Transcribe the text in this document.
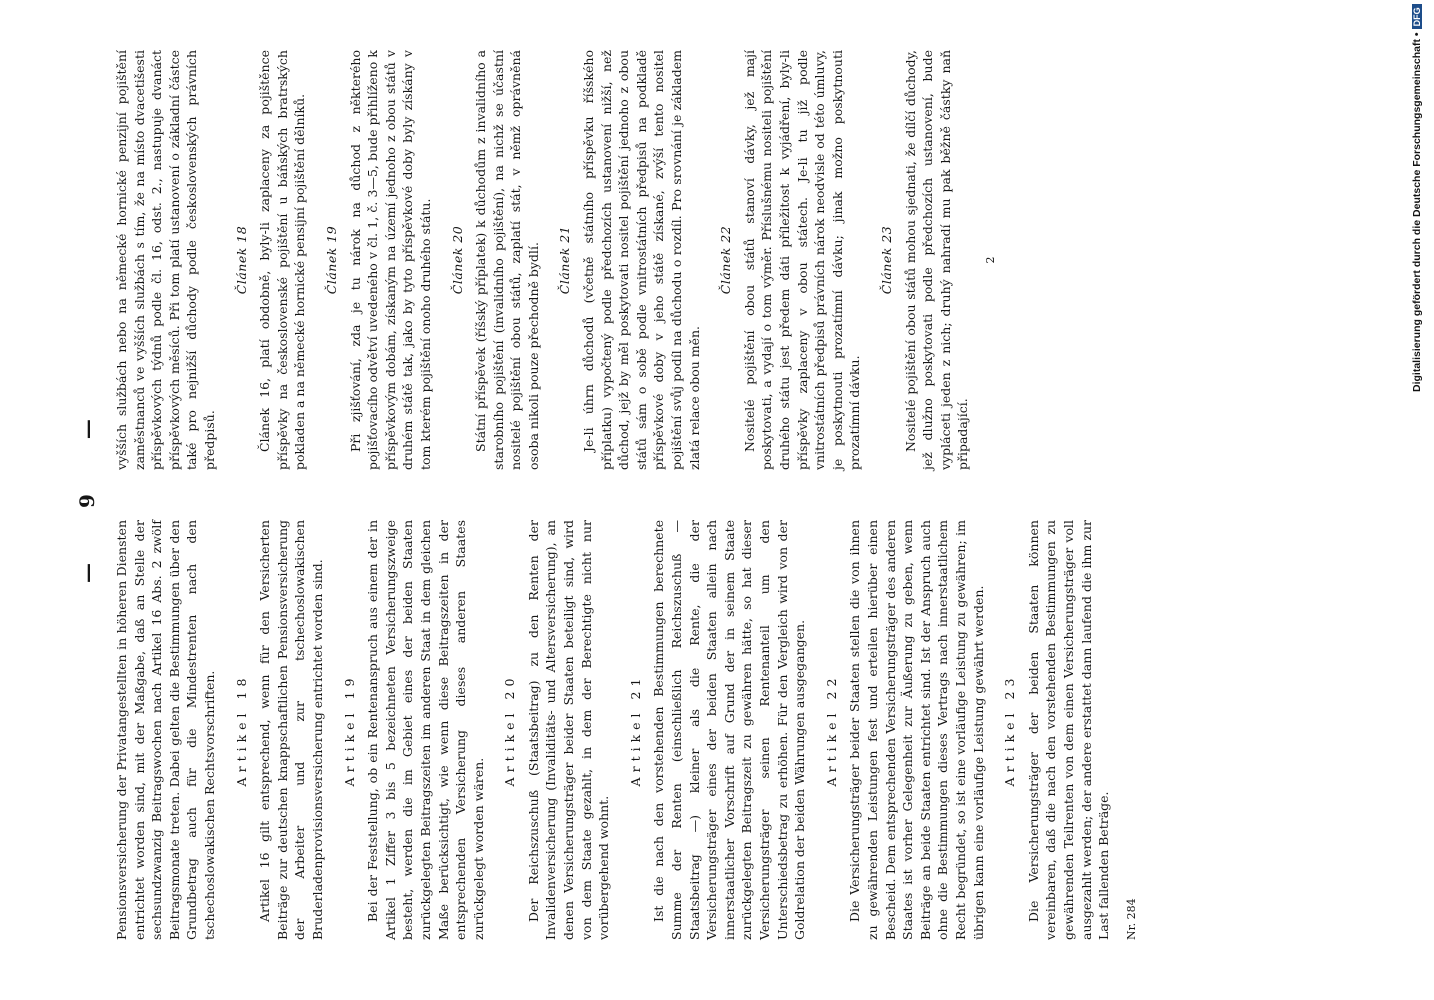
— 9 —

Pensionsversicherung der Privatangestellten in höheren Diensten entrichtet worden sind, mit der Maßgabe, daß an Stelle der sechsundzwanzig Beitragswochen nach Artikel 16 Abs. 2 zwölf Beitragsmonate treten. Dabei gelten die Bestimmungen über den Grundbetrag auch für die Mindestrenten nach den tschechoslowakischen Rechtsvorschriften. Artikel 18 Artikel 16 gilt entsprechend, wenn für den Versicherten Beiträge zur deutschen knappschaftlichen Pensionsversicherung der Arbeiter und zur tschechoslowakischen Bruderladenprovisionsversicherung entrichtet worden sind. Artikel 19 Bei der Feststellung, ob ein Rentenanspruch aus einem der in Artikel 1 Ziffer 3 bis 5 bezeichneten Versicherungszweige besteht, werden die im Gebiet eines der beiden Staaten zurückgelegten Beitragszeiten im anderen Staat in dem gleichen Maße berücksichtigt, wie wenn diese Beitragszeiten in der entsprechenden Versicherung dieses anderen Staates zurückgelegt worden wären.

Artikel 20 Der Reichszuschuß (Staatsbeitrag) zu den Renten der Invalidenversicherung (Invaliditäts- und Altersversicherung), an denen Versicherungsträger beider Staaten beteiligt sind, wird von dem Staate gezahlt, in dem der Berechtigte nicht nur vorübergehend wohnt.

Artikel 21 Ist die nach den vorstehenden Bestimmungen berechnete Summe der Renten (einschließlich Reichszuschuß — Staatsbeitrag —) kleiner als die Rente, die der Versicherungsträger eines der beiden Staaten allein nach innerstaatlicher Vorschrift auf Grund der in seinem Staate zurückgelegten Beitragszeit zu gewähren hätte, so hat dieser Versicherungsträger seinen Rentenanteil um den Unterschiedsbetrag zu erhöhen. Für den Vergleich wird von der Goldrelation der beiden Währungen ausgegangen. Artikel 22 Die Versicherungsträger beider Staaten stellen die von ihnen zu gewährenden Leistungen fest und erteilen hierüber einen Bescheid. Dem entsprechenden Versicherungsträger des anderen Staates ist vorher Gelegenheit zur Äußerung zu geben, wenn Beiträge an beide Staaten entrichtet sind. Ist der Anspruch auch ohne die Bestimmungen dieses Vertrags nach innerstaatlichem Recht begründet, so ist eine vorläufige Leistung zu gewähren; im übrigen kann eine vorläufige Leistung gewährt werden. Artikel 23 Die Versicherungsträger der beiden Staaten können vereinbaren, daß die nach den vorstehenden Bestimmungen zu gewährenden Teilrenten von dem einen Versicherungsträger voll ausgezahlt werden; der andere erstattet dann laufend die ihm zur Last fallenden Beträge. Nr. 284

vyšších službách nebo na německé hornické penzijní pojištění zaměstnanců ve vyšších službách s tím, že na místo dvacetišesti příspěvkových týdnů podle čl. 16, odst. 2., nastupuje dvanáct příspěvkových měsíců. Při tom platí ustanovení o základní částce také pro nejnižší důchody podle československých právních předpisů.

Článek 18 Článek 16, platí obdobně, byly-li zaplaceny za pojištěnce příspěvky na československé pojištění u báňských bratrských pokladen a na německé hornické pensijní pojištění dělníků. Článek 19 Při zjišťování, zda je tu nárok na důchod z některého pojišťovacího odvětví uvedeného v čl. 1, č. 3—5, bude přihlíženo k příspěvkovým dobám, získaným na území jednoho z obou států v druhém státě tak, jako by tyto příspěvkové doby byly získány v tom kterém pojištění onoho druhého státu. Článek 20 Státní příspěvek (říšský příplatek) k důchodům z invalidního a starobního pojištění (invalidního pojištění), na nichž se účastní nositelé pojištění obou států, zaplatí stát, v němž oprávněná osoba nikoli pouze přechodně bydlí. Článek 21 Je-li úhrn důchodů (včetně státního příspěvku říšského příplatku) vypočtený podle předchozích ustanovení nižší, než důchod, jejž by měl poskytovati nositel pojištění jednoho z obou států sám o sobě podle vnitrostátních předpisů na podkladě příspěvkové doby v jeho státě získané, zvýší tento nositel pojištění svůj podíl na důchodu o rozdíl. Pro srovnání je základem zlatá relace obou měn.

Článek 22 Nositelé pojištění obou států stanoví dávky, jež mají poskytovati, a vydají o tom výměr. Příslušnému nositeli pojištění druhého státu jest předem dáti příležitost k vyjádření, byly-li příspěvky zaplaceny v obou státech. Je-li tu již podle vnitrostátních předpisů právních nárok neodvisle od této úmluvy, je poskytnouti prozatímní dávku; jinak možno poskytnouti prozatímní dávku.

Článek 23 Nositelé pojištění obou států mohou sjednati, že dílčí důchody, jež dlužno poskytovati podle předchozích ustanovení, bude vypláceti jeden z nich; druhý nahradí mu pak běžně částky naň připadající.

2	Digitalisierung gefördert durch die Deutsche Forschungsgemeinschaft •DFG
